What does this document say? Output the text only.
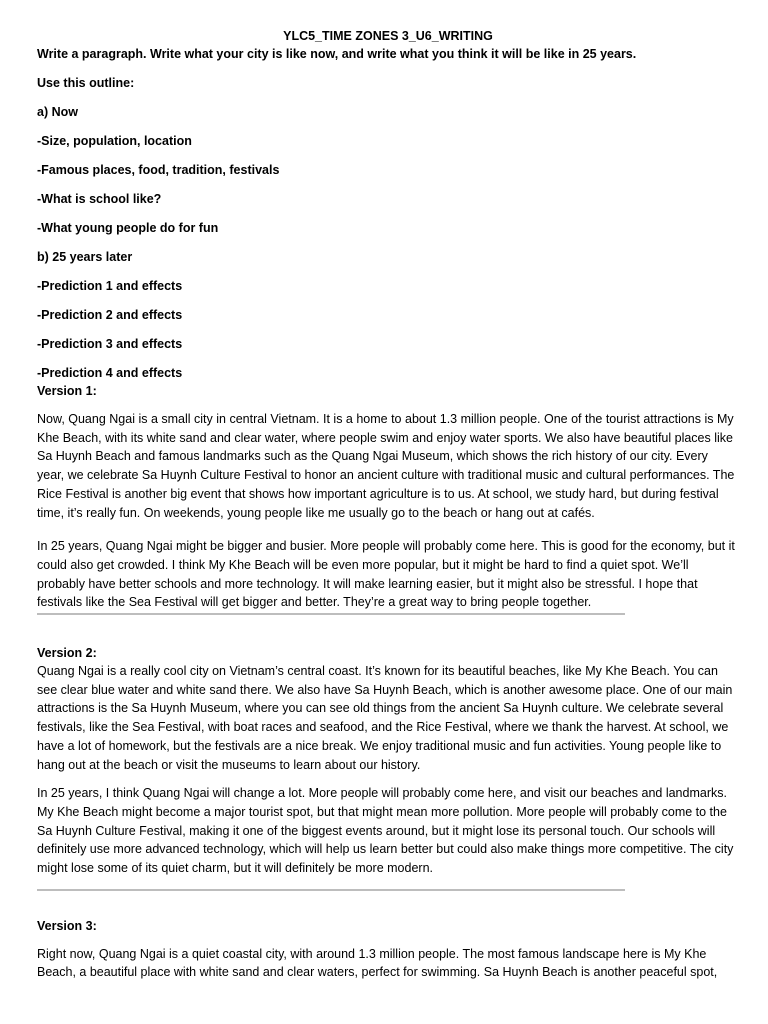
YLC5_TIME ZONES 3_U6_WRITING

Write a paragraph. Write what your city is like now, and write what you think it will be like in 25 years.

Use this outline:

a) Now

-Size, population, location

-Famous places, food, tradition, festivals

-What is school like?

-What young people do for fun

b) 25 years later

-Prediction 1 and effects

-Prediction 2 and effects

-Prediction 3 and effects

-Prediction 4 and effects

Version 1:

Now, Quang Ngai is a small city in central Vietnam. It is a home to about 1.3 million people. One of the tourist attractions is My Khe Beach, with its white sand and clear water, where people swim and enjoy water sports. We also have beautiful places like Sa Huynh Beach and famous landmarks such as the Quang Ngai Museum, which shows the rich history of our city. Every year, we celebrate Sa Huynh Culture Festival to honor an ancient culture with traditional music and cultural performances. The Rice Festival is another big event that shows how important agriculture is to us. At school, we study hard, but during festival time, it’s really fun. On weekends, young people like me usually go to the beach or hang out at cafés.

In 25 years, Quang Ngai might be bigger and busier. More people will probably come here. This is good for the economy, but it could also get crowded. I think My Khe Beach will be even more popular, but it might be hard to find a quiet spot. We’ll probably have better schools and more technology. It will make learning easier, but it might also be stressful. I hope that festivals like the Sea Festival will get bigger and better. They’re a great way to bring people together.

Version 2:

Quang Ngai is a really cool city on Vietnam’s central coast. It’s known for its beautiful beaches, like My Khe Beach. You can see clear blue water and white sand there. We also have Sa Huynh Beach, which is another awesome place. One of our main attractions is the Sa Huynh Museum, where you can see old things from the ancient Sa Huynh culture. We celebrate several festivals, like the Sea Festival, with boat races and seafood, and the Rice Festival, where we thank the harvest. At school, we have a lot of homework, but the festivals are a nice break. We enjoy traditional music and fun activities. Young people like to hang out at the beach or visit the museums to learn about our history.

In 25 years, I think Quang Ngai will change a lot. More people will probably come here, and visit our beaches and landmarks. My Khe Beach might become a major tourist spot, but that might mean more pollution. More people will probably come to the Sa Huynh Culture Festival, making it one of the biggest events around, but it might lose its personal touch. Our schools will definitely use more advanced technology, which will help us learn better but could also make things more competitive. The city might lose some of its quiet charm, but it will definitely be more modern.

Version 3:

Right now, Quang Ngai is a quiet coastal city, with around 1.3 million people. The most famous landscape here is My Khe Beach, a beautiful place with white sand and clear waters, perfect for swimming. Sa Huynh Beach is another peaceful spot,
